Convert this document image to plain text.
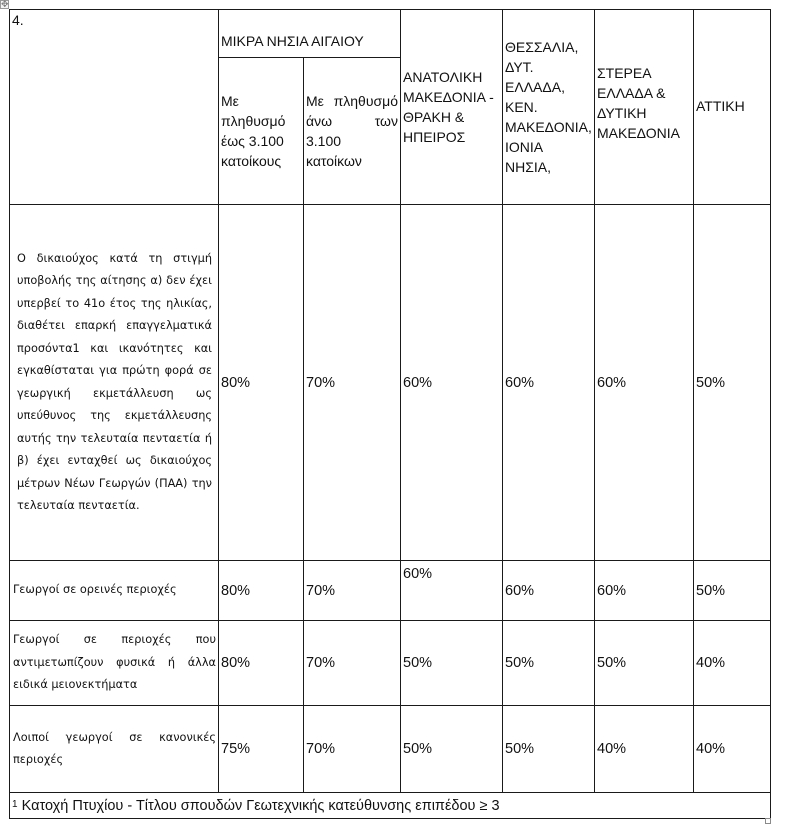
✥
4.	ΜΙΚΡΑ ΝΗΣΙΑ ΑΙΓΑΙΟΥ		ΑΝΑΤΟΛΙΚΗ ΜΑΚΕΔΟΝΙΑ - ΘΡΑΚΗ & ΗΠΕΙΡΟΣ	ΘΕΣΣΑΛΙΑ, ΔΥΤ. ΕΛΛΑΔΑ, ΚΕΝ. ΜΑΚΕΔΟΝΙΑ, ΙΟΝΙΑ ΝΗΣΙΑ,	ΣΤΕΡΕΑ ΕΛΛΑΔΑ & ΔΥΤΙΚΗ ΜΑΚΕΔΟΝΙΑ	ΑΤΤΙΚΗ
	Με πληθυσμό έως 3.100 κατοίκους	Με πληθυσμό άνω των 3.100 κατοίκων				
Ο δικαιούχος κατά τη στιγμή υποβολής της αίτησης α) δεν έχει υπερβεί το 41ο έτος της ηλικίας, διαθέτει επαρκή επαγγελματικά προσόντα1 και ικανότητες και εγκαθίσταται για πρώτη φορά σε γεωργική εκμετάλλευση ως υπεύθυνος της εκμετάλλευσης αυτής την τελευταία πενταετία ή β) έχει ενταχθεί ως δικαιούχος μέτρων Νέων Γεωργών (ΠΑΑ) την τελευταία πενταετία.	80%	70%	60%	60%	60%	50%
Γεωργοί σε ορεινές περιοχές	80%	70%	60%	60%	60%	50%
Γεωργοί σε περιοχές που αντιμετωπίζουν φυσικά ή άλλα ειδικά μειονεκτήματα	80%	70%	50%	50%	50%	40%
Λοιποί γεωργοί σε κανονικές περιοχές	75%	70%	50%	50%	40%	40%
$^1$ Κατοχή Πτυχίου - Τίτλου σπουδών Γεωτεχνικής κατεύθυνσης επιπέδου ≥ 3						
